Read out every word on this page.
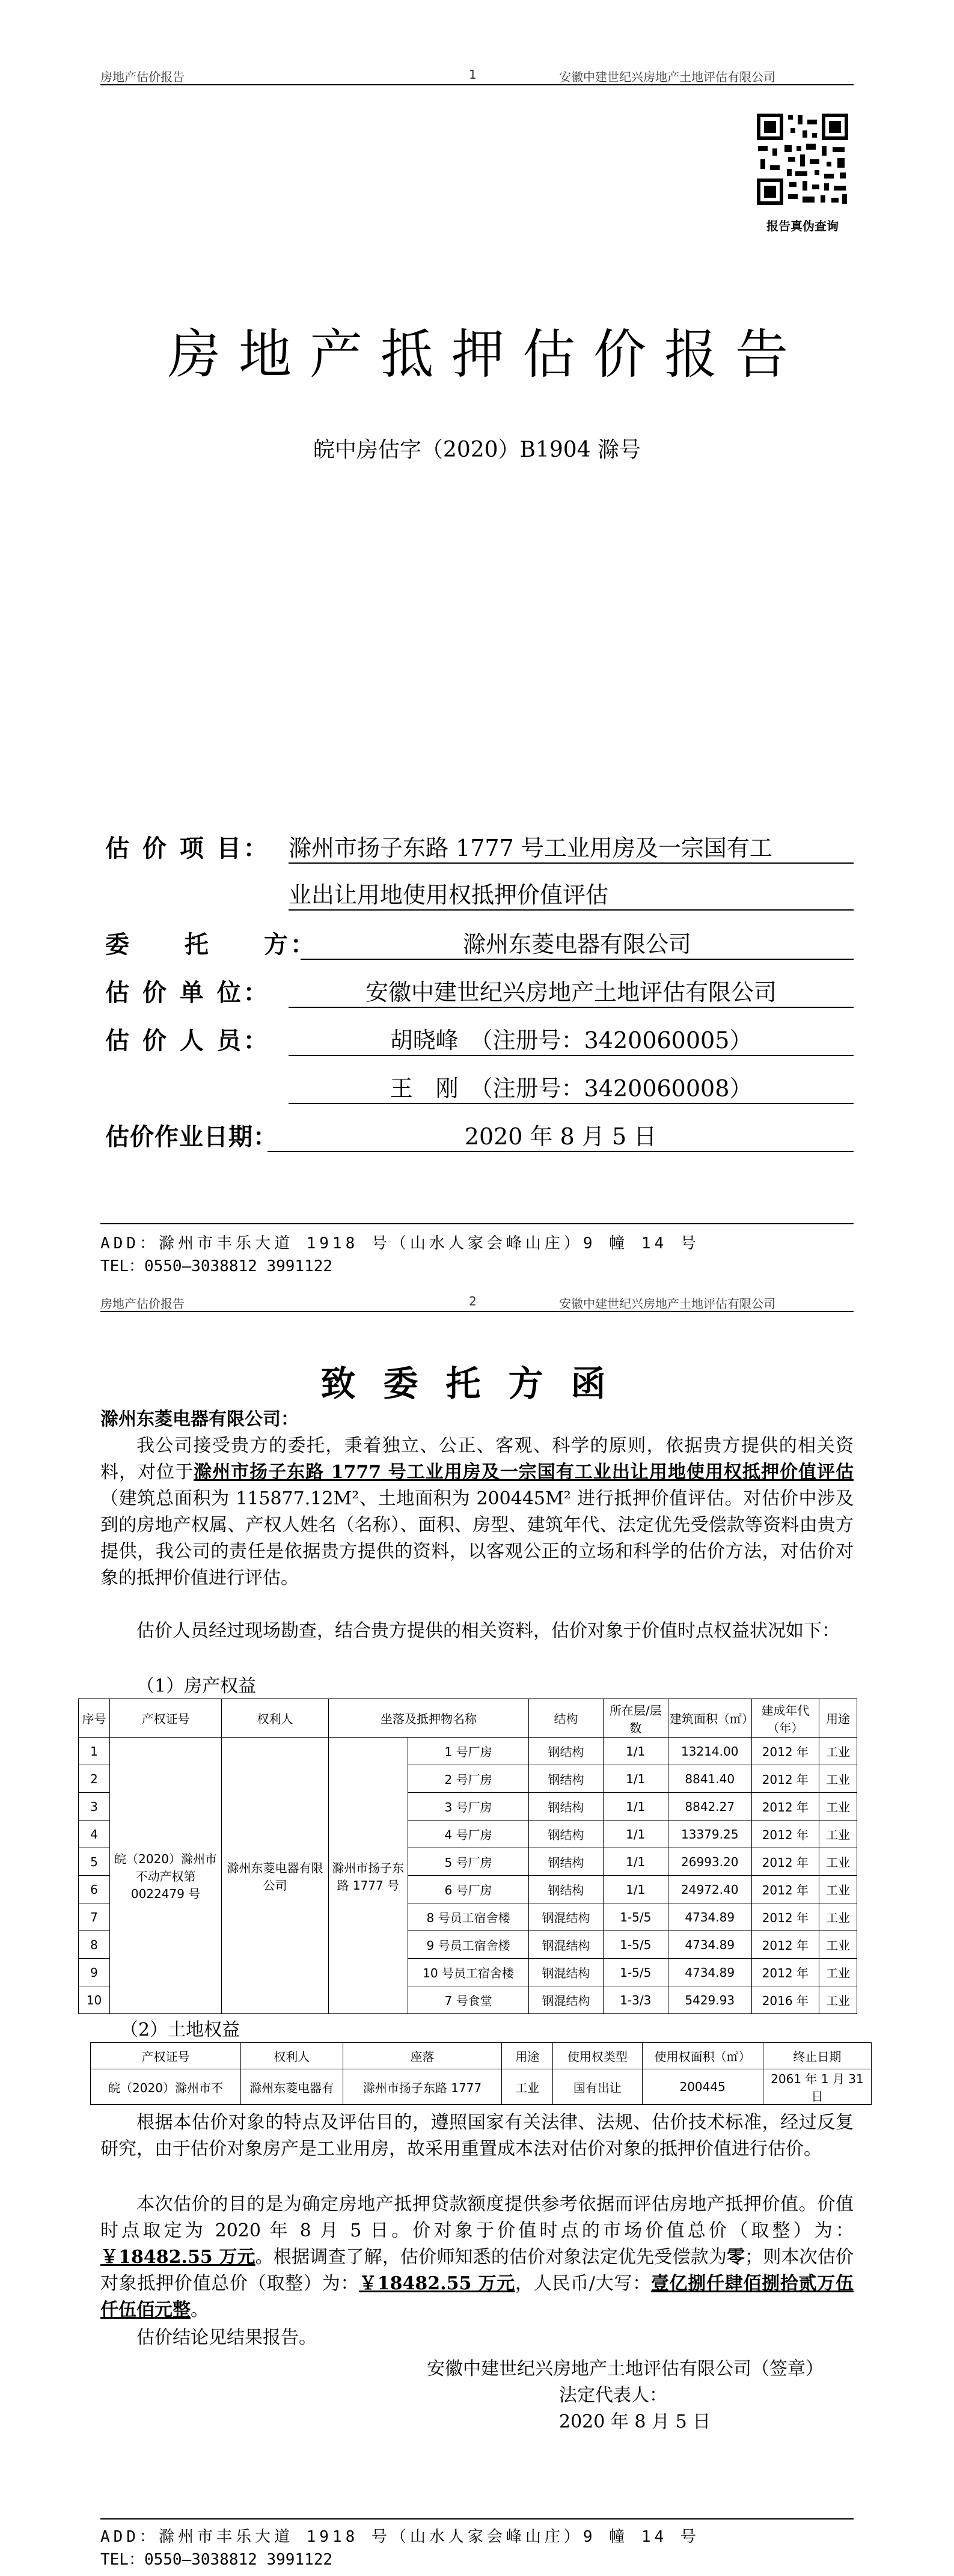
房地产估价报告	1	安徽中建世纪兴房地产土地评估有限公司
报告真伪查询
房地产抵押估价报告
皖中房估字（2020）B1904 滁号
估 价 项 目： 滁州市扬子东路 1777 号工业用房及一宗国有工
业出让用地使用权抵押价值评估
委　　托　　方：	滁州东菱电器有限公司
估 价 单 位：	安徽中建世纪兴房地产土地评估有限公司
估 价 人 员：	胡晓峰　（注册号：3420060005）
王　刚　（注册号：3420060008）
估价作业日期：	2020 年 8 月 5 日
ADD：滁州市丰乐大道 1918 号（山水人家会峰山庄）9 幢 14 号
TEL：0550—3038812 3991122
房地产估价报告	2	安徽中建世纪兴房地产土地评估有限公司
致委托方函
滁州东菱电器有限公司：
我公司接受贵方的委托，秉着独立、公正、客观、科学的原则，依据贵方提供的相关资料，对位于滁州市扬子东路 1777 号工业用房及一宗国有工业出让用地使用权抵押价值评估（建筑总面积为 115877.12M²、土地面积为 200445M² 进行抵押价值评估。对估价中涉及到的房地产权属、产权人姓名（名称）、面积、房型、建筑年代、法定优先受偿款等资料由贵方提供，我公司的责任是依据贵方提供的资料，以客观公正的立场和科学的估价方法，对估价对象的抵押价值进行评估。
估价人员经过现场勘查，结合贵方提供的相关资料，估价对象于价值时点权益状况如下：
（1）房产权益
序号	产权证号	权利人	坐落及抵押物名称		结构	所在层/层数	建筑面积（㎡）	建成年代（年）	用途
1	皖（2020）滁州市不动产权第 0022479 号	滁州东菱电器有限公司	滁州市扬子东路 1777 号	1 号厂房	钢结构	1/1	13214.00	2012 年	工业
2				2 号厂房	钢结构	1/1	8841.40	2012 年	工业
3				3 号厂房	钢结构	1/1	8842.27	2012 年	工业
4				4 号厂房	钢结构	1/1	13379.25	2012 年	工业
5				5 号厂房	钢结构	1/1	26993.20	2012 年	工业
6				6 号厂房	钢结构	1/1	24972.40	2012 年	工业
7				8 号员工宿舍楼	钢混结构	1-5/5	4734.89	2012 年	工业
8				9 号员工宿舍楼	钢混结构	1-5/5	4734.89	2012 年	工业
9				10 号员工宿舍楼	钢混结构	1-5/5	4734.89	2012 年	工业
10				7 号食堂	钢混结构	1-3/3	5429.93	2016 年	工业
（2）土地权益
产权证号	权利人	座落	用途	使用权类型	使用权面积（㎡）	终止日期
皖（2020）滁州市不	滁州东菱电器有	滁州市扬子东路 1777	工业	国有出让	200445	2061 年 1 月 31 日
根据本估价对象的特点及评估目的，遵照国家有关法律、法规、估价技术标准，经过反复研究，由于估价对象房产是工业用房，故采用重置成本法对估价对象的抵押价值进行估价。
本次估价的目的是为确定房地产抵押贷款额度提供参考依据而评估房地产抵押价值。价值时点取定为 2020 年 8 月 5 日。价对象于价值时点的市场价值总价（取整）为：￥18482.55 万元。根据调查了解，估价师知悉的估价对象法定优先受偿款为零；则本次估价对象抵押价值总价（取整）为：￥18482.55 万元，人民币/大写：壹亿捌仟肆佰捌拾贰万伍仟伍佰元整。
估价结论见结果报告。
安徽中建世纪兴房地产土地评估有限公司（签章）
法定代表人：
2020 年 8 月 5 日
ADD：滁州市丰乐大道 1918 号（山水人家会峰山庄）9 幢 14 号
TEL：0550—3038812 3991122
